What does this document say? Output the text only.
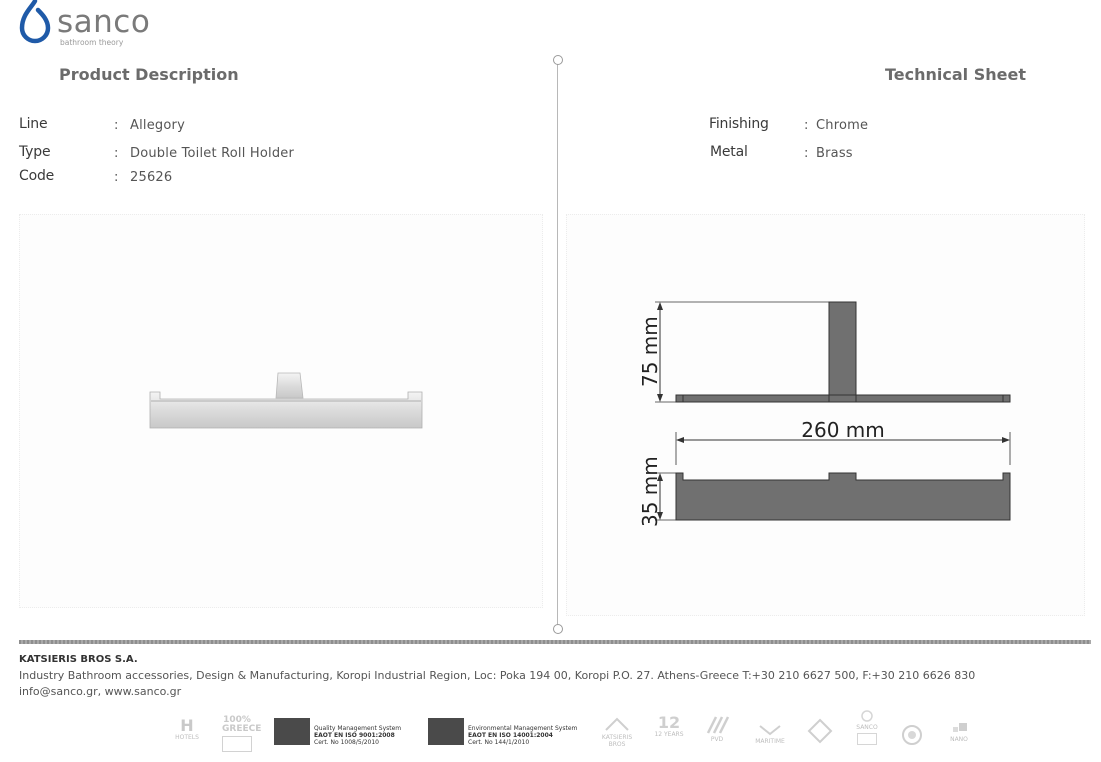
sanco
bathroom theory
Product Description	Technical Sheet
Line	: Allegory
Type	: Double Toilet Roll Holder
Code	: 25626
Finishing	: Chrome
Metal	: Brass
75 mm
260 mm
35 mm
KATSIERIS BROS S.A.
Industry Bathroom accessories, Design & Manufacturing, Koropi Industrial Region, Loc: Poka 194 00, Koropi P.O. 27. Athens-Greece T:+30 210 6627 500, F:+30 210 6626 830
info@sanco.gr, www.sanco.gr
H
HOTELS
100% GREECE	Quality Management System
EAOT EN ISO 9001:2008
Cert. No 1008/5/2010
Environmental Management System
EAOT EN ISO 14001:2004
Cert. No 144/1/2010
KATSIERIS BROS
12
12 YEARS
PVD	MARITIME
SANCO
NANO
